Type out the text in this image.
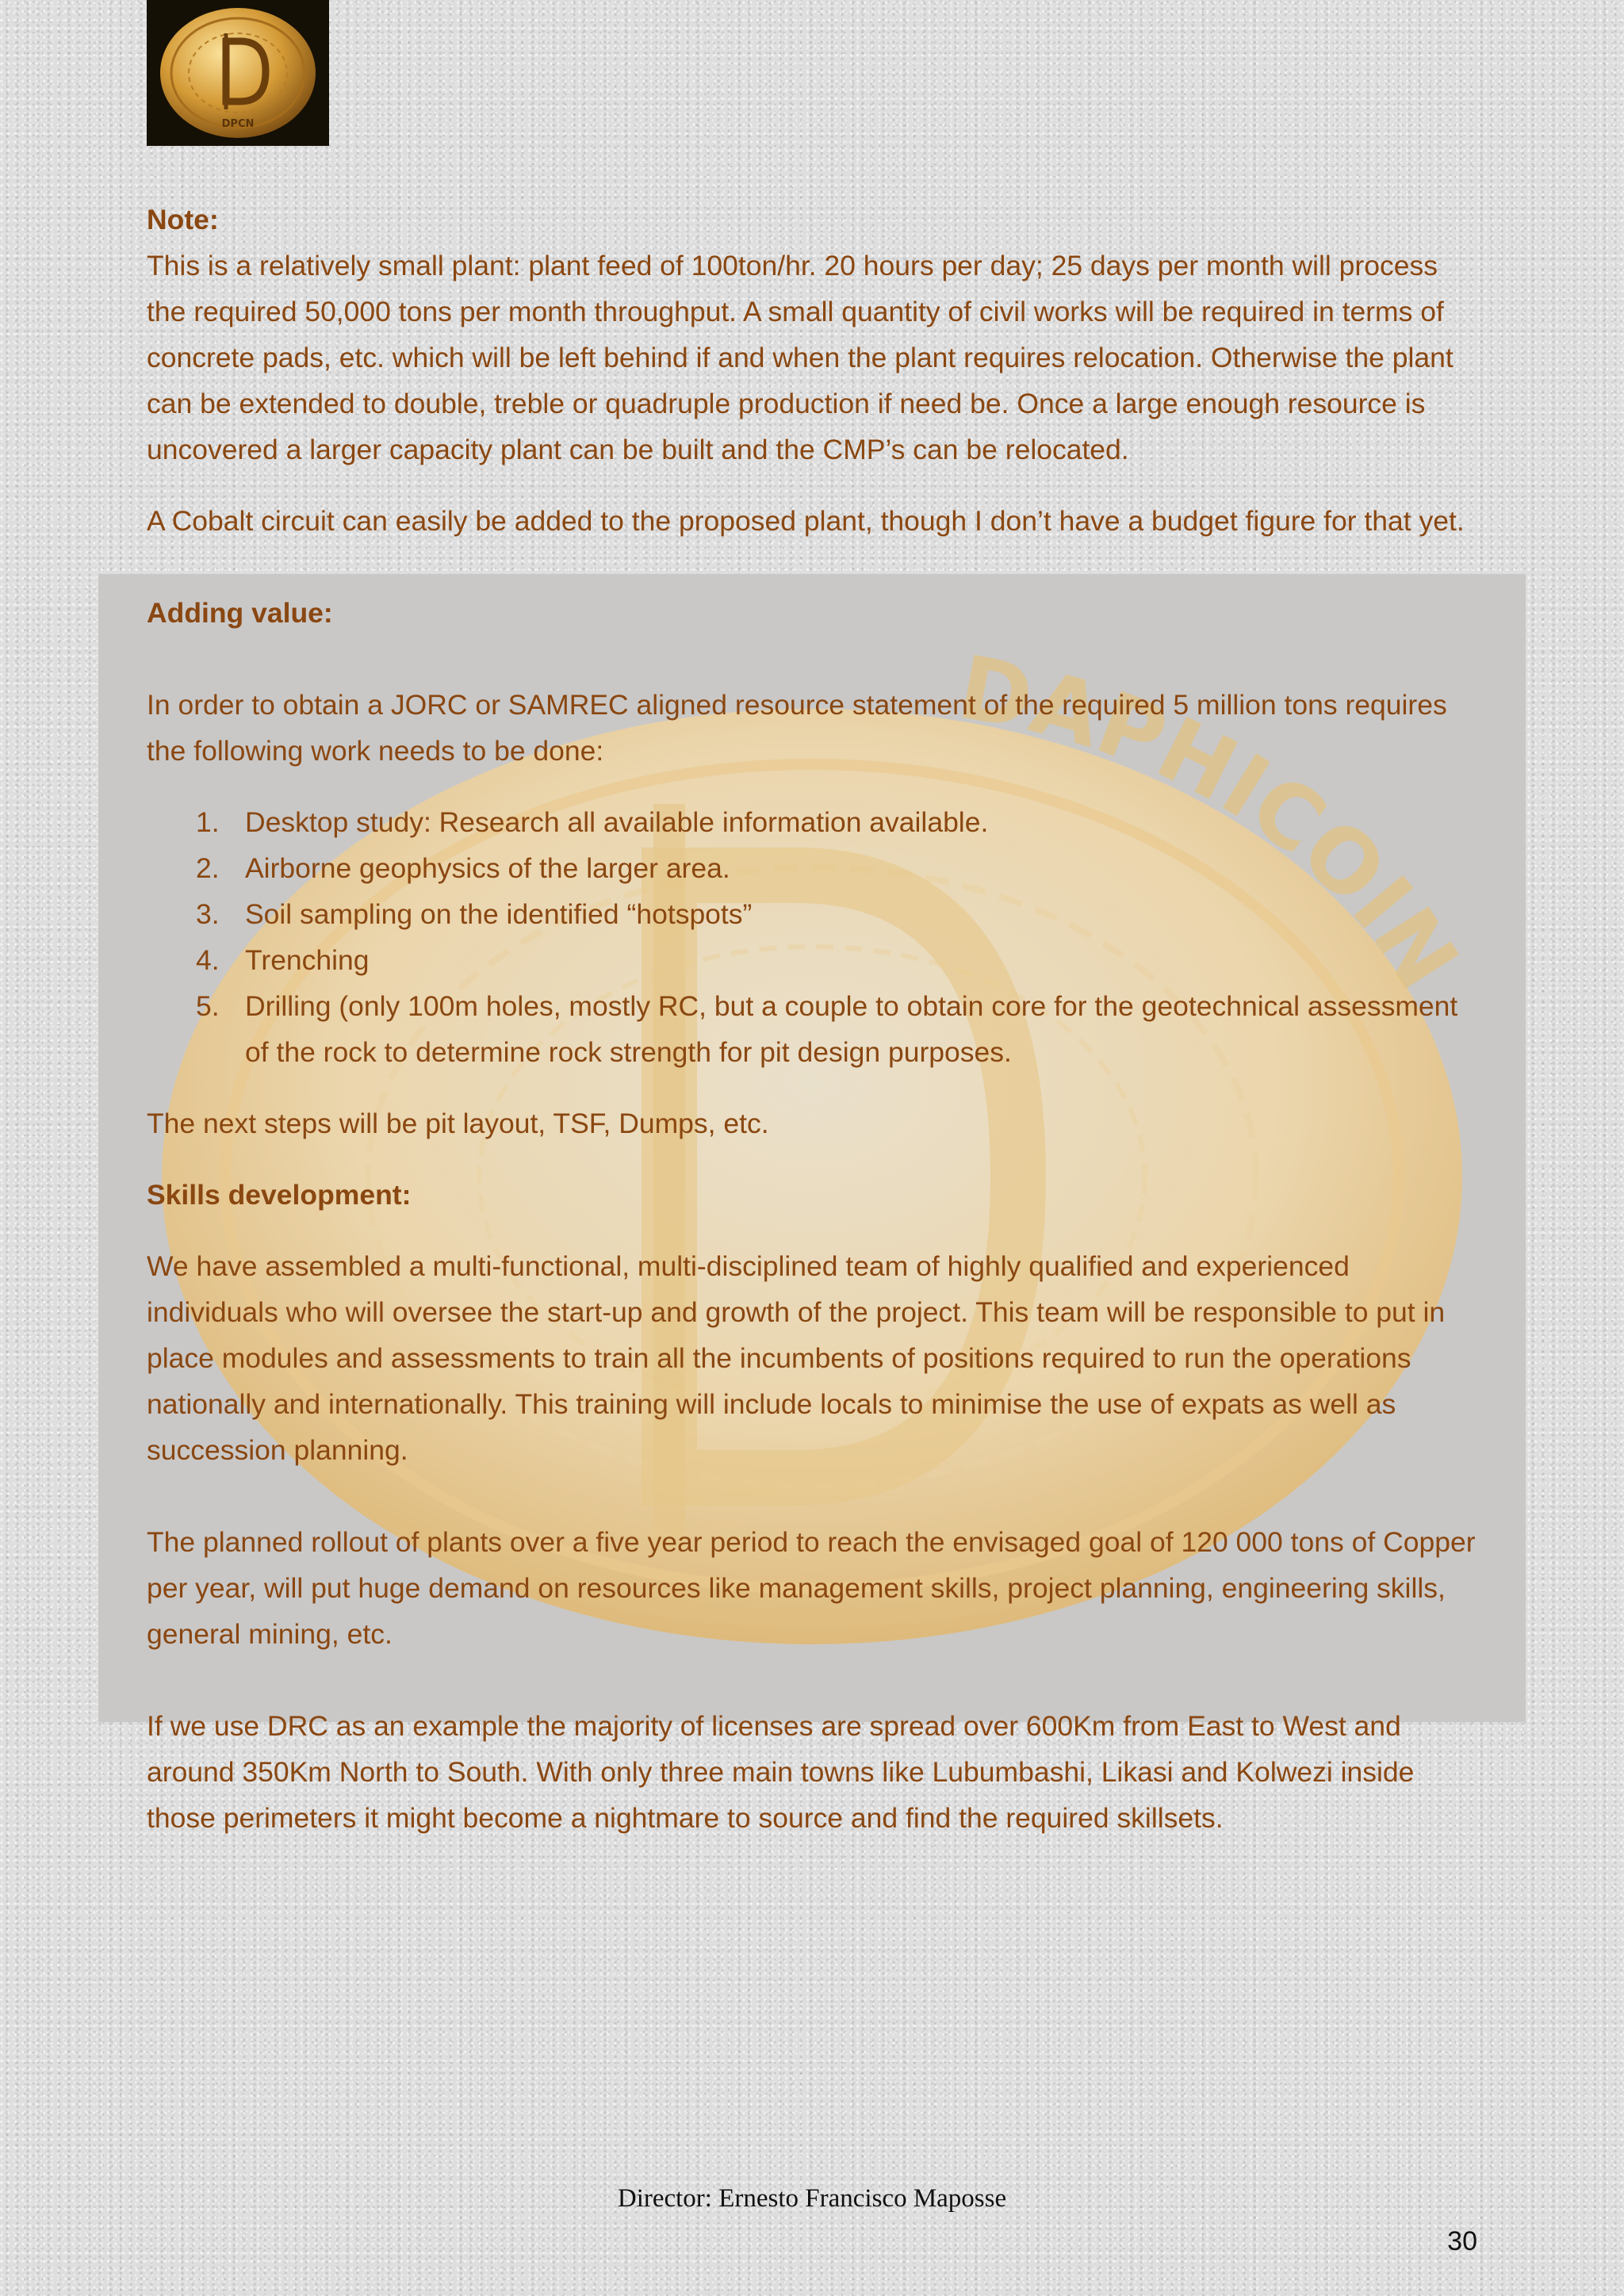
DPCN
DAPHICOIN

Note:

This is a relatively small plant: plant feed of 100ton/hr. 20 hours per day; 25 days per month will process the required 50,000 tons per month throughput. A small quantity of civil works will be required in terms of concrete pads, etc. which will be left behind if and when the plant requires relocation. Otherwise the plant can be extended to double, treble or quadruple production if need be. Once a large enough resource is uncovered a larger capacity plant can be built and the CMP’s can be relocated.

A Cobalt circuit can easily be added to the proposed plant, though I don’t have a budget figure for that yet.

Adding value:

In order to obtain a JORC or SAMREC aligned resource statement of the required 5 million tons requires the following work needs to be done:

1. Desktop study: Research all available information available.
2. Airborne geophysics of the larger area.
3. Soil sampling on the identified “hotspots”
4. Trenching
5. Drilling (only 100m holes, mostly RC, but a couple to obtain core for the geotechnical assessment of the rock to determine rock strength for pit design purposes.

The next steps will be pit layout, TSF, Dumps, etc.

Skills development:

We have assembled a multi-functional, multi-disciplined team of highly qualified and experienced individuals who will oversee the start-up and growth of the project. This team will be responsible to put in place modules and assessments to train all the incumbents of positions required to run the operations nationally and internationally. This training will include locals to minimise the use of expats as well as succession planning.

The planned rollout of plants over a five year period to reach the envisaged goal of 120 000 tons of Copper per year, will put huge demand on resources like management skills, project planning, engineering skills, general mining, etc.

If we use DRC as an example the majority of licenses are spread over 600Km from East to West and around 350Km North to South. With only three main towns like Lubumbashi, Likasi and Kolwezi inside those perimeters it might become a nightmare to source and find the required skillsets.

Director: Ernesto Francisco Maposse
30
